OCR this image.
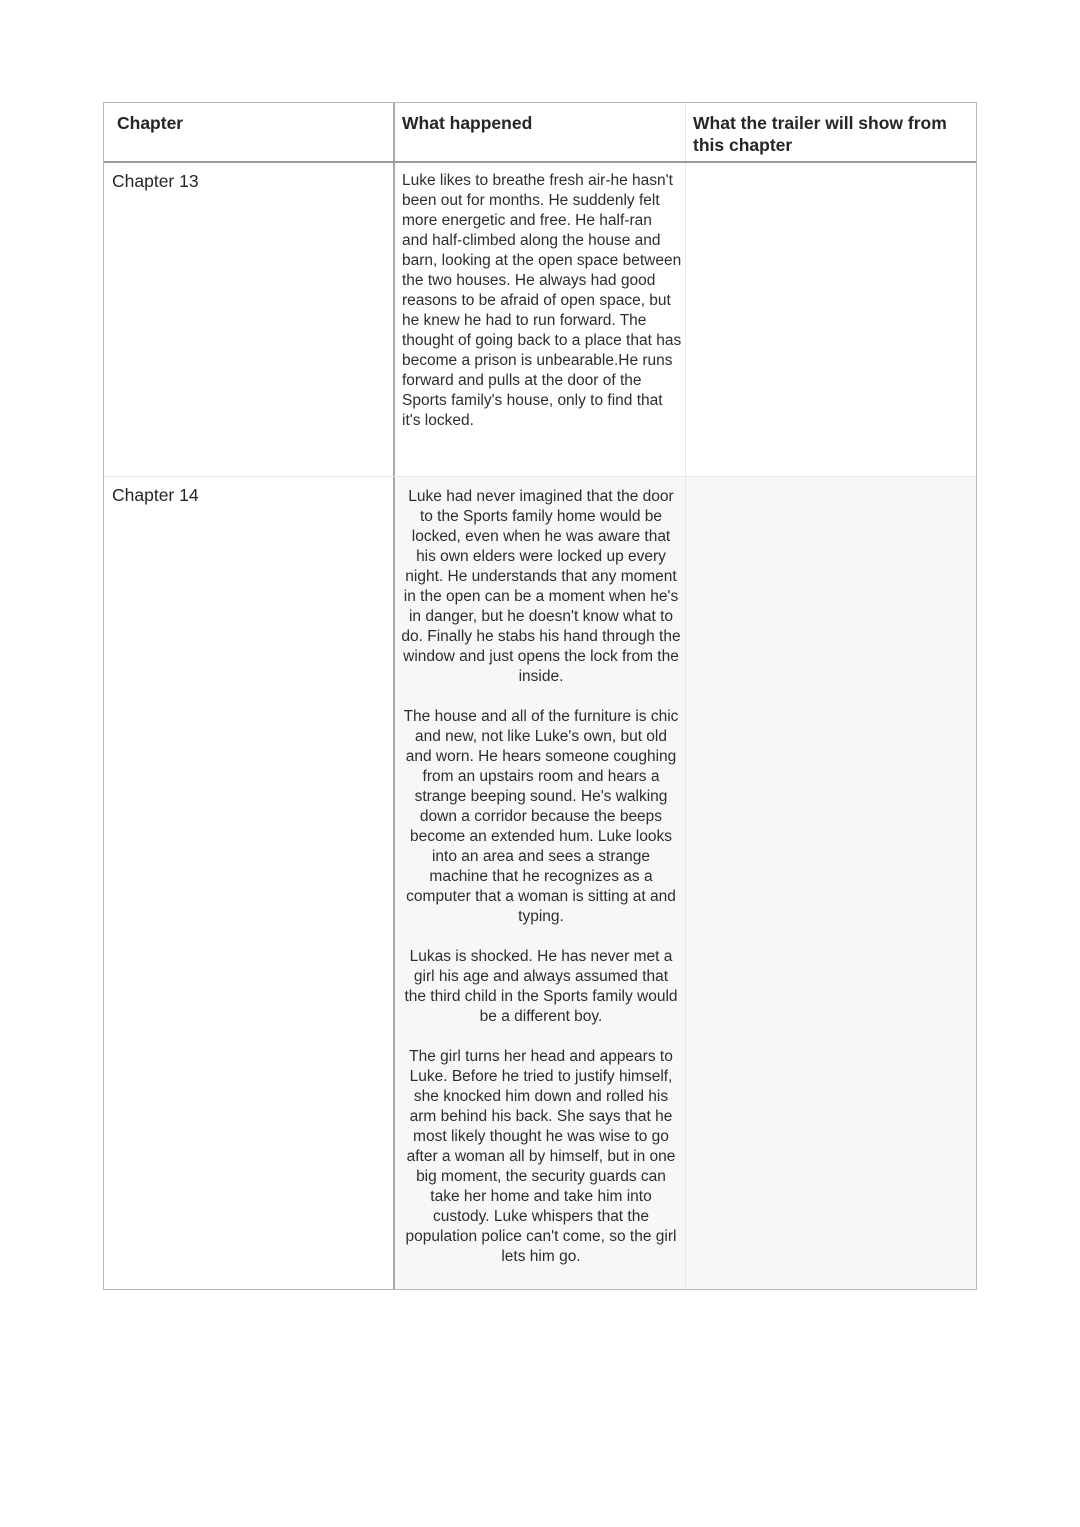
Chapter	What happened	What the trailer will show from this chapter
Chapter 13	Luke likes to breathe fresh air-he hasn't been out for months. He suddenly felt more energetic and free. He half-ran and half-climbed along the house and barn, looking at the open space between the two houses. He always had good reasons to be afraid of open space, but he knew he had to run forward. The thought of going back to a place that has become a prison is unbearable.He runs forward and pulls at the door of the Sports family's house, only to find that it's locked.
Chapter 14	Luke had never imagined that the door to the Sports family home would be locked, even when he was aware that his own elders were locked up every night. He understands that any moment in the open can be a moment when he's in danger, but he doesn't know what to do. Finally he stabs his hand through the window and just opens the lock from the inside.

The house and all of the furniture is chic and new, not like Luke's own, but old and worn. He hears someone coughing from an upstairs room and hears a strange beeping sound. He's walking down a corridor because the beeps become an extended hum. Luke looks into an area and sees a strange machine that he recognizes as a computer that a woman is sitting at and typing.

Lukas is shocked. He has never met a girl his age and always assumed that the third child in the Sports family would be a different boy.

The girl turns her head and appears to Luke. Before he tried to justify himself, she knocked him down and rolled his arm behind his back. She says that he most likely thought he was wise to go after a woman all by himself, but in one big moment, the security guards can take her home and take him into custody. Luke whispers that the population police can't come, so the girl lets him go.
